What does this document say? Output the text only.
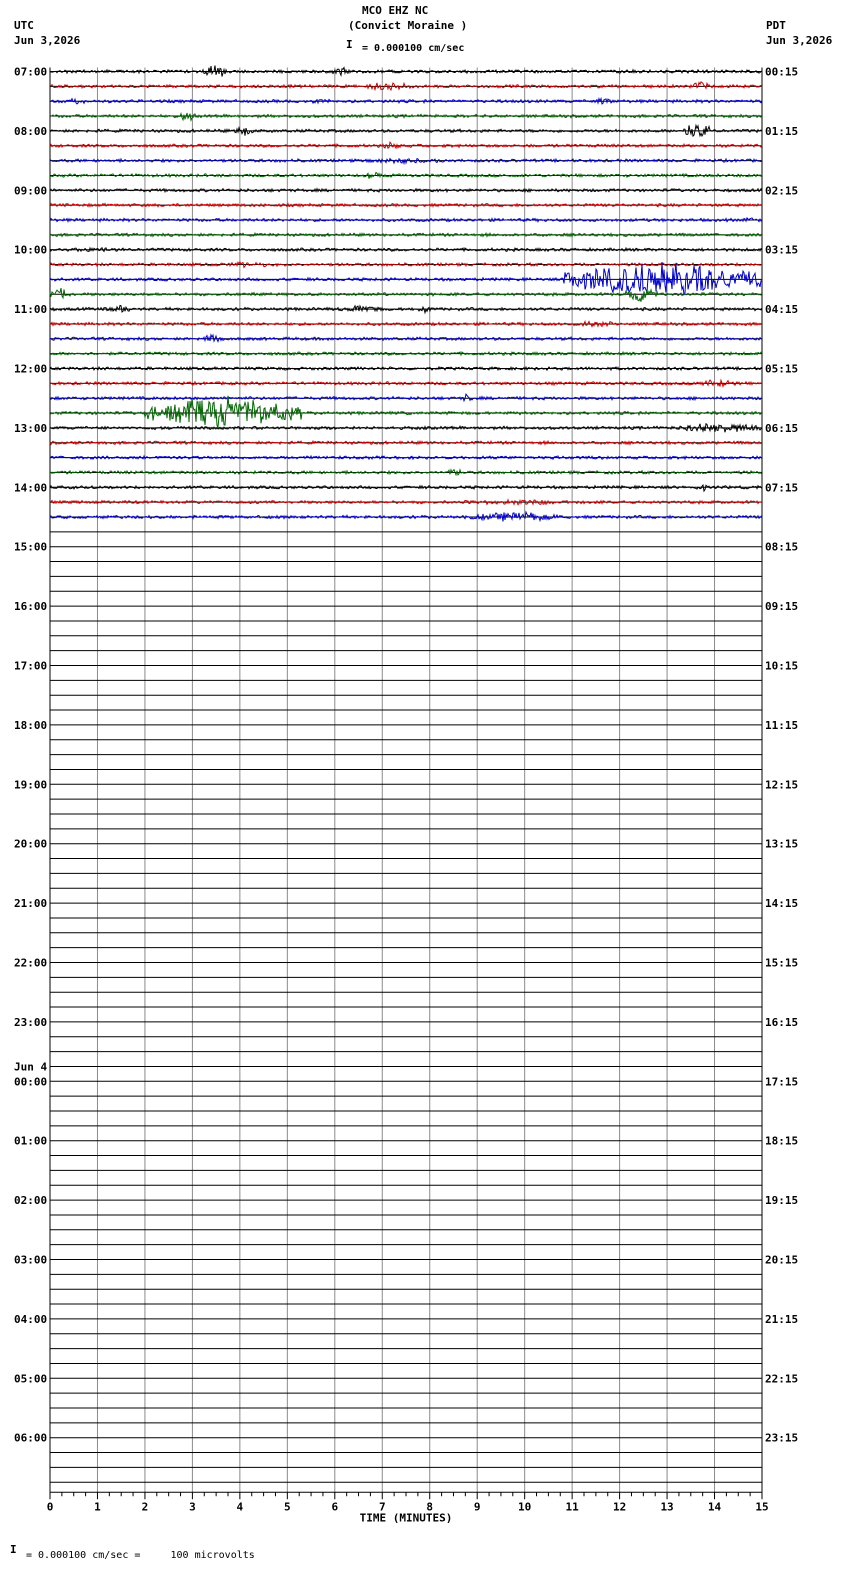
MCO EHZ NC
(Convict Moraine )
I = 0.000100 cm/sec
UTC
Jun 3,2026
PDT
Jun 3,2026
0	1	2	3	4	5	6	7	8	9	10	11	12	13	14	15
TIME (MINUTES)
07:00
08:00
09:00
10:00
11:00
12:00
13:00
14:00
15:00
16:00
17:00
18:00
19:00
20:00
21:00
22:00
23:00
00:00
Jun 4
01:00
02:00
03:00
04:00
05:00
06:00
00:15
01:15
02:15
03:15
04:15
05:15
06:15
07:15
08:15
09:15
10:15
11:15
12:15
13:15
14:15
15:15
16:15
17:15
18:15
19:15
20:15
21:15
22:15
23:15
I = 0.000100 cm/sec =     100 microvolts
